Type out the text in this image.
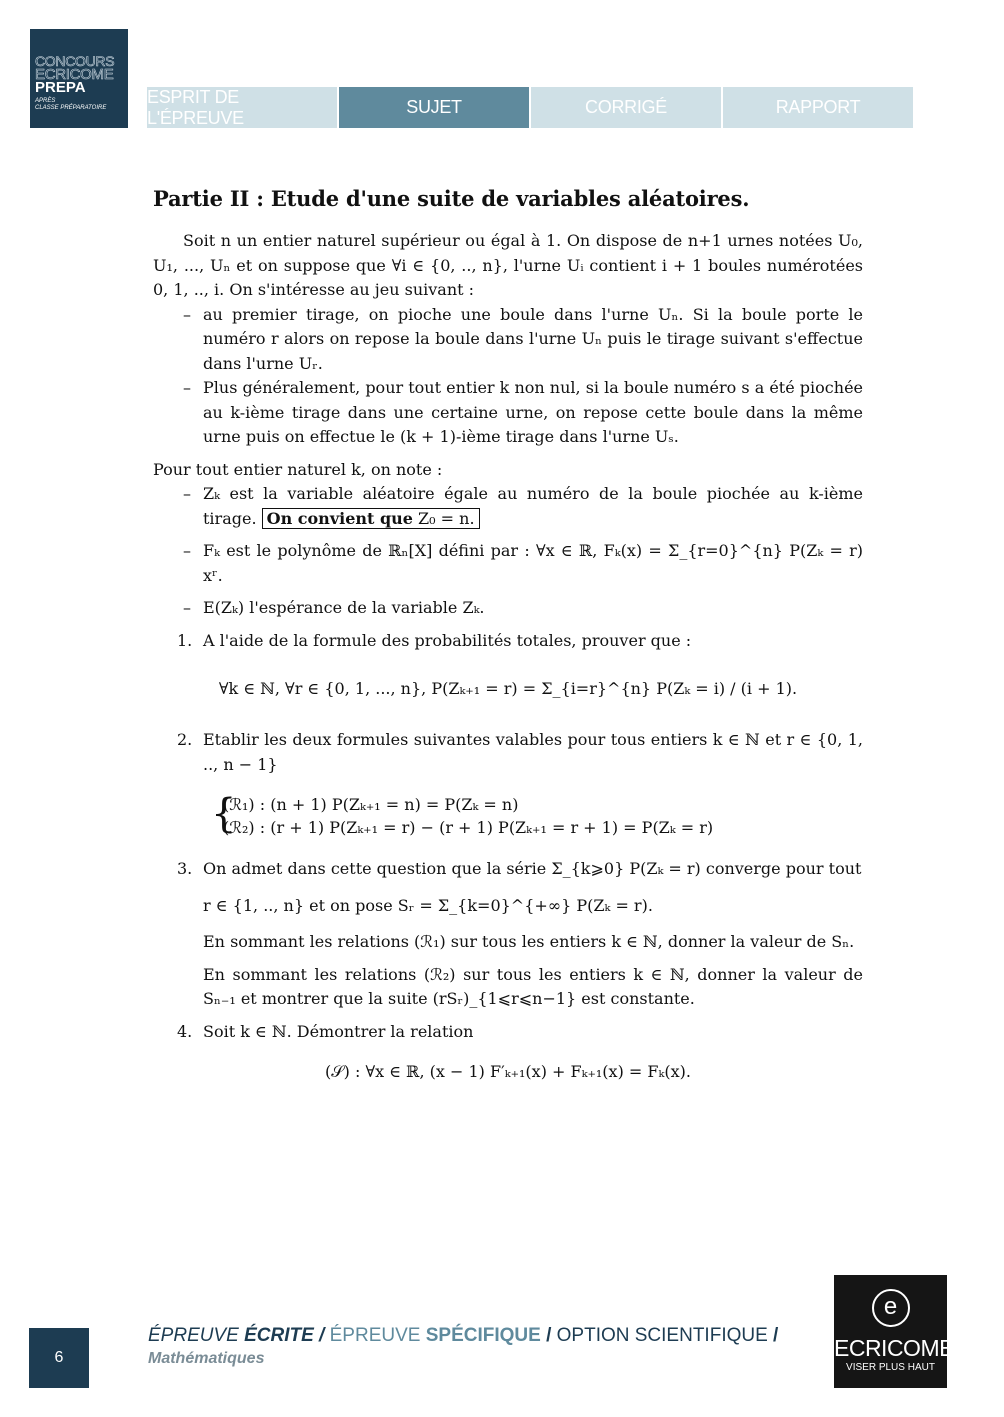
CONCOURS
ECRICOME
PREPA
APRÈS
CLASSE PRÉPARATOIRE
ESPRIT DE L'ÉPREUVE
SUJET	CORRIGÉ	RAPPORT
Partie II : Etude d'une suite de variables aléatoires.

Soit n un entier naturel supérieur ou égal à 1. On dispose de n+1 urnes notées U₀, U₁, ..., Uₙ et on suppose que ∀i ∈ {0, .., n}, l'urne Uᵢ contient i + 1 boules numérotées 0, 1, .., i. On s'intéresse au jeu suivant :

– au premier tirage, on pioche une boule dans l'urne Uₙ. Si la boule porte le numéro r alors on repose la boule dans l'urne Uₙ puis le tirage suivant s'effectue dans l'urne Uᵣ.

– Plus généralement, pour tout entier k non nul, si la boule numéro s a été piochée au k-ième tirage dans une certaine urne, on repose cette boule dans la même urne puis on effectue le (k + 1)-ième tirage dans l'urne Uₛ.

Pour tout entier naturel k, on note :

– Zₖ est la variable aléatoire égale au numéro de la boule piochée au k-ième tirage. On convient que Z₀ = n.

– Fₖ est le polynôme de ℝₙ[X] défini par : ∀x ∈ ℝ, Fₖ(x) = Σ_{r=0}^{n} P(Zₖ = r) xʳ.

– E(Zₖ) l'espérance de la variable Zₖ.

1. A l'aide de la formule des probabilités totales, prouver que :

∀k ∈ ℕ, ∀r ∈ {0, 1, ..., n}, P(Zₖ₊₁ = r) = Σ_{i=r}^{n} P(Zₖ = i) / (i + 1).

2. Etablir les deux formules suivantes valables pour tous entiers k ∈ ℕ et r ∈ {0, 1, .., n − 1}

{ (ℛ₁) : (n + 1) P(Zₖ₊₁ = n) = P(Zₖ = n)
(ℛ₂) : (r + 1) P(Zₖ₊₁ = r) − (r + 1) P(Zₖ₊₁ = r + 1) = P(Zₖ = r)

3. On admet dans cette question que la série Σ_{k⩾0} P(Zₖ = r) converge pour tout

r ∈ {1, .., n} et on pose Sᵣ = Σ_{k=0}^{+∞} P(Zₖ = r).

En sommant les relations (ℛ₁) sur tous les entiers k ∈ ℕ, donner la valeur de Sₙ.

En sommant les relations (ℛ₂) sur tous les entiers k ∈ ℕ, donner la valeur de Sₙ₋₁ et montrer que la suite (rSᵣ)_{1⩽r⩽n−1} est constante.

4. Soit k ∈ ℕ. Démontrer la relation

(𝒮) : ∀x ∈ ℝ, (x − 1) F′ₖ₊₁(x) + Fₖ₊₁(x) = Fₖ(x).
6
ÉPREUVE ÉCRITE / ÉPREUVE SPÉCIFIQUE / OPTION SCIENTIFIQUE /
Mathématiques
e
ECRICOME
VISER PLUS HAUT
